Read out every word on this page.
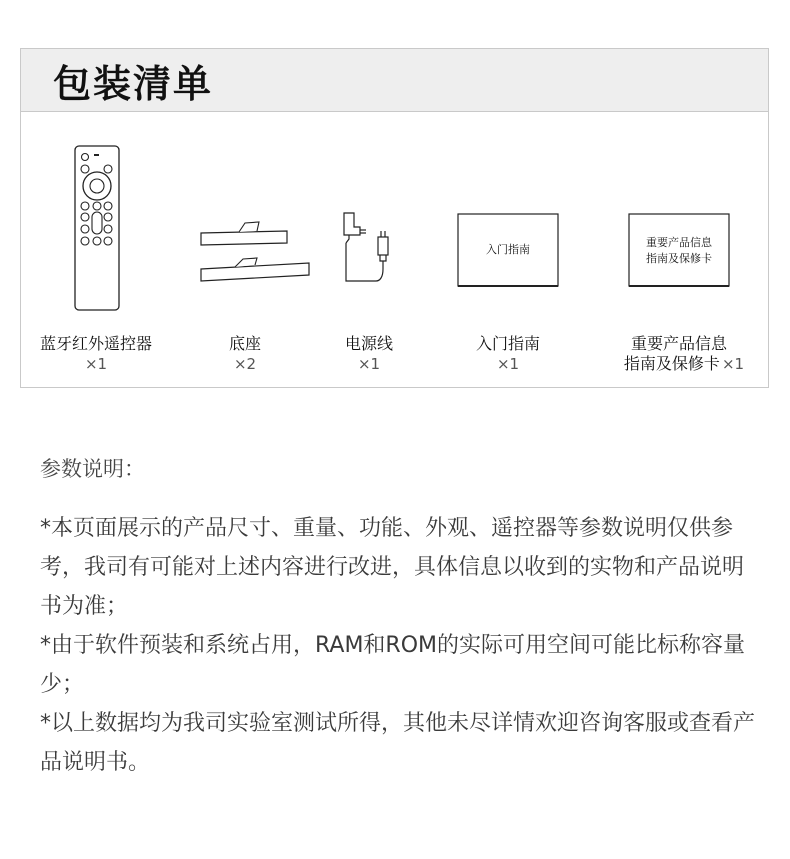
包装清单
入门指南
重要产品信息
指南及保修卡
蓝牙红外遥控器
×1
底座
×2
电源线
×1
入门指南
×1
重要产品信息
指南及保修卡 ×1

参数说明：

*本页面展示的产品尺寸、重量、功能、外观、遥控器等参数说明仅供参考，我司有可能对上述内容进行改进，具体信息以收到的实物和产品说明书为准；

*由于软件预装和系统占用，RAM和ROM的实际可用空间可能比标称容量少；

*以上数据均为我司实验室测试所得，其他未尽详情欢迎咨询客服或查看产品说明书。
